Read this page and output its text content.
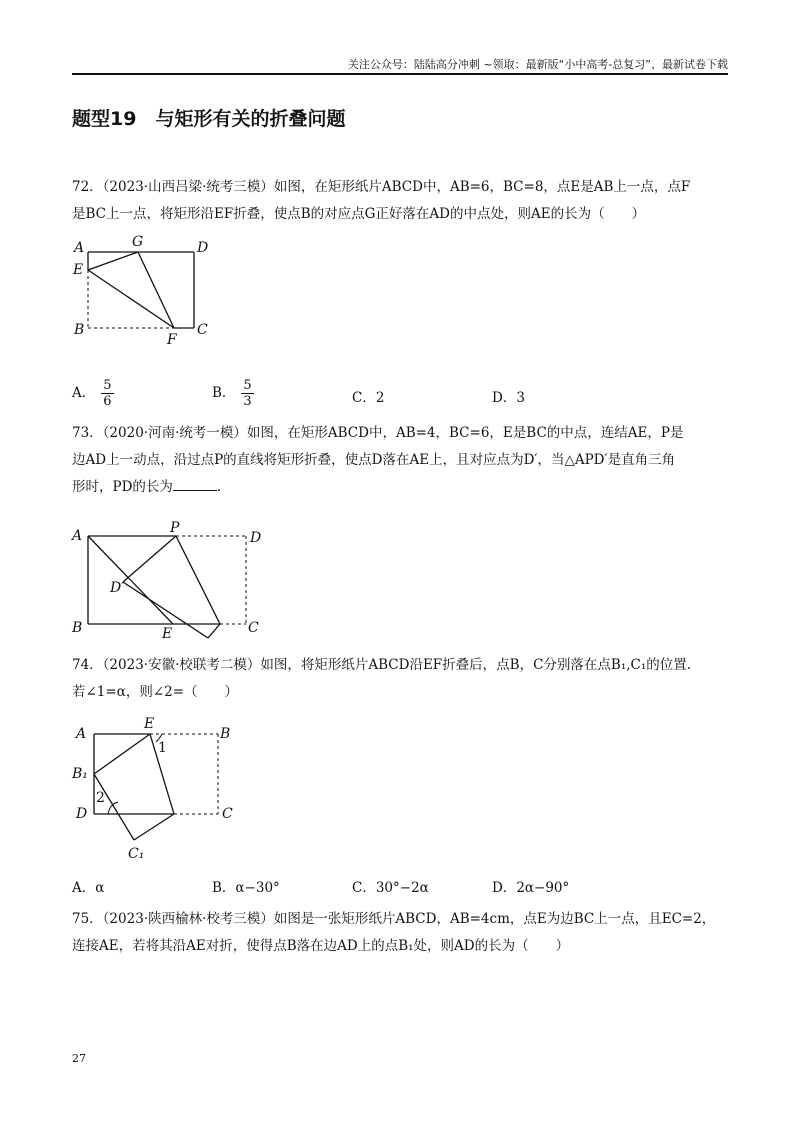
关注公众号：陆陆高分冲刺 ~领取：最新版“小中高考-总复习”、最新试卷下载
题型19　与矩形有关的折叠问题
72．（2023·山西吕梁·统考三模）如图，在矩形纸片ABCD中，AB=6，BC=8，点E是AB上一点，点F
是BC上一点，将矩形沿EF折叠，使点B的对应点G正好落在AD的中点处，则AE的长为（　　）
A	G	D
E
B
F
C
A． $\frac{5}{6}$	B． $\frac{5}{3}$	C．2	D．3
73．（2020·河南·统考一模）如图，在矩形ABCD中，AB=4，BC=6，E是BC的中点，连结AE，P是
边AD上一动点，沿过点P的直线将矩形折叠，使点D落在AE上，且对应点为D′，当△APD′是直角三角
形时，PD的长为	.
A	P
D
D′
B	E	C
74．（2023·安徽·校联考二模）如图，将矩形纸片ABCD沿EF折叠后，点B，C分别落在点B₁,C₁的位置.
若∠1=α，则∠2=（　　）
A
E
B
1
B₁
2
D	C
C₁
A．α	B．α−30°	C．30°−2α	D．2α−90°
75．（2023·陕西榆林·校考三模）如图是一张矩形纸片ABCD，AB=4cm，点E为边BC上一点，且EC=2，
连接AE，若将其沿AE对折，使得点B落在边AD上的点B₁处，则AD的长为（　　）
27
